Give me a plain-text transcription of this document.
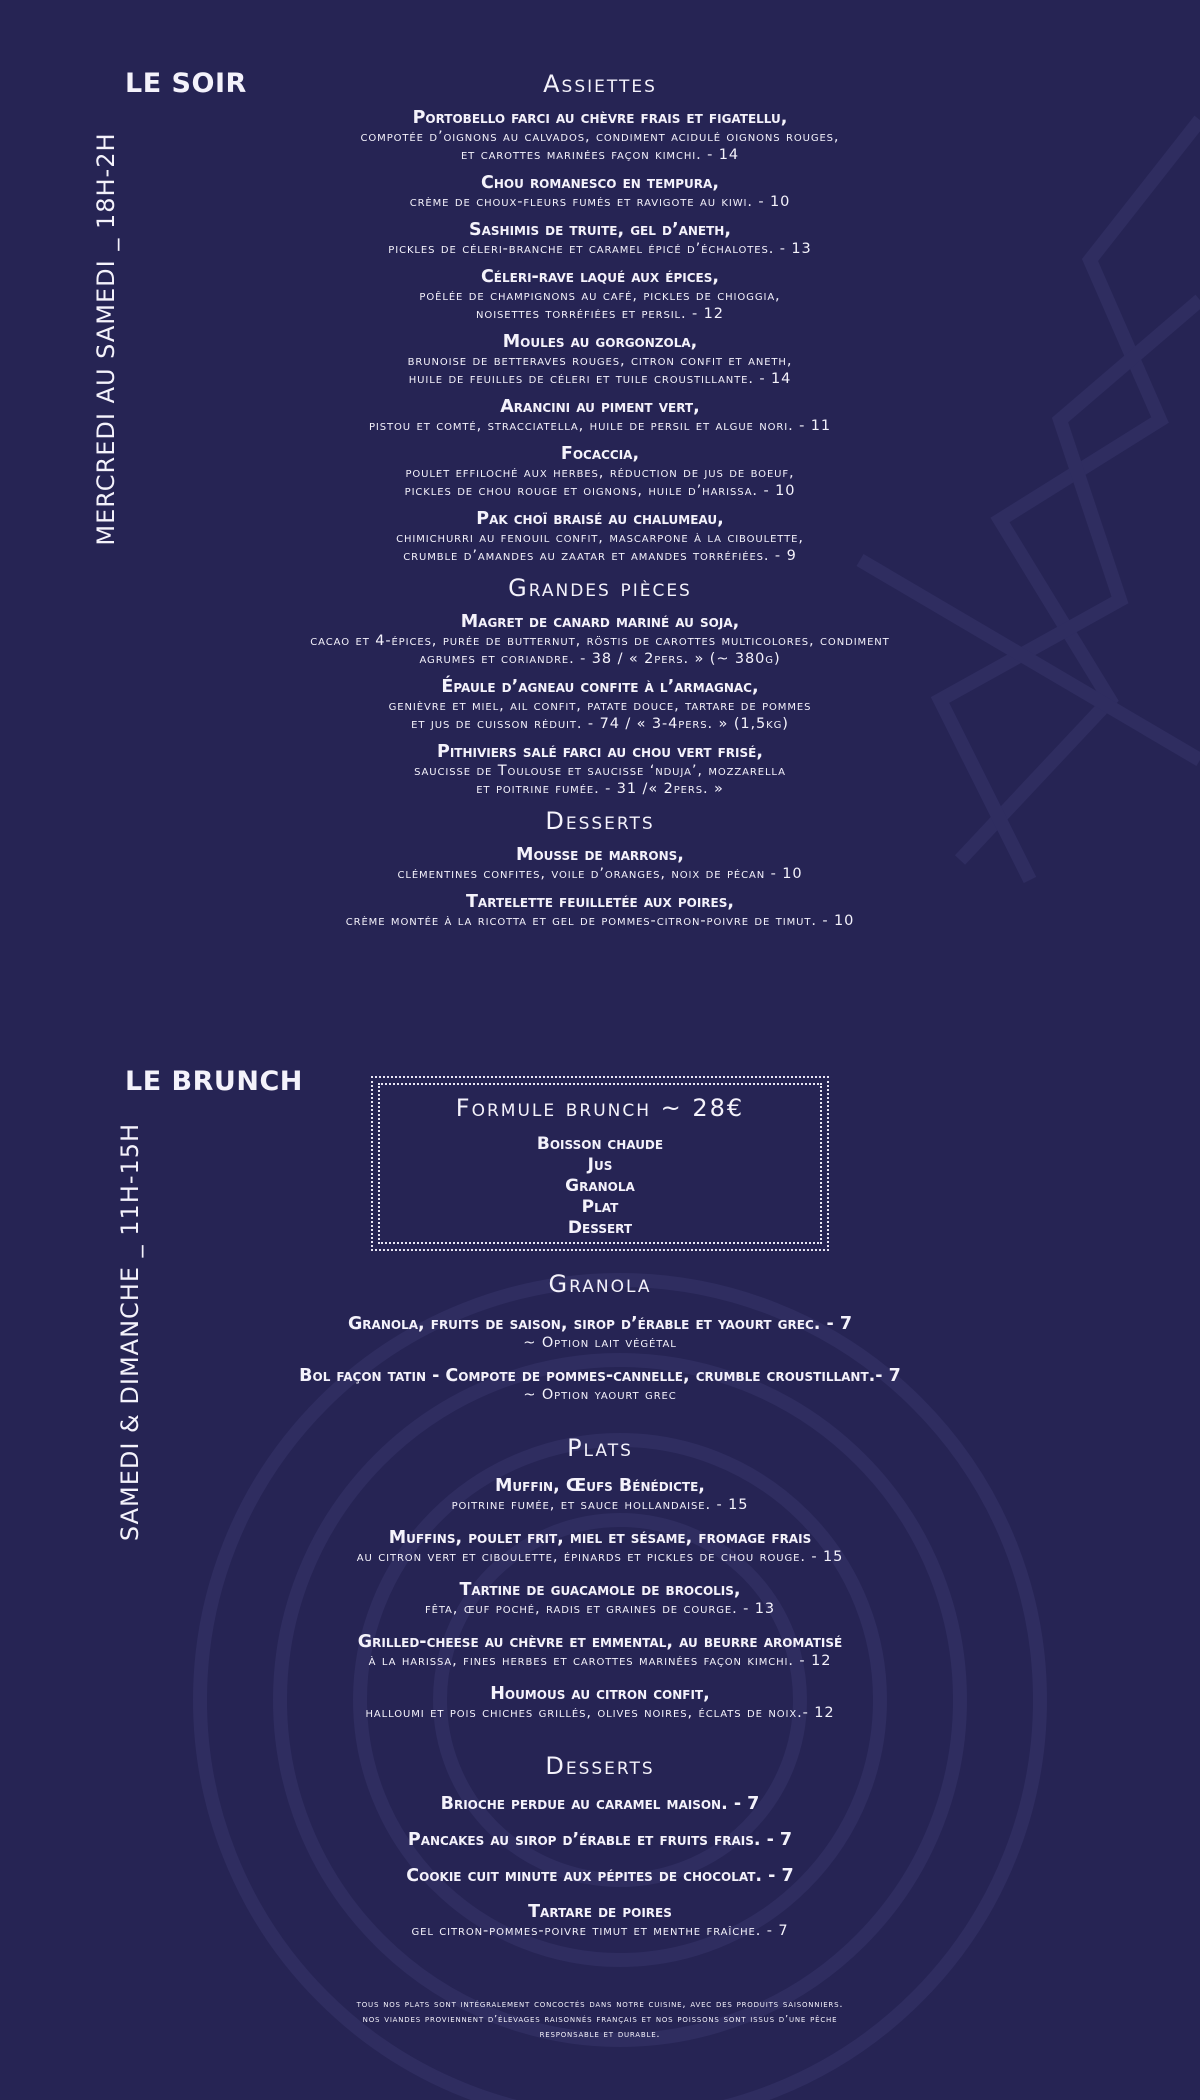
LE SOIR
MERCREDI AU SAMEDI _ 18H-2H
Assiettes
Portobello farci au chèvre frais et figatellu,
compotée d’oignons au calvados, condiment acidulé oignons rouges,
et carottes marinées façon kimchi. - 14
Chou romanesco en tempura,
crème de choux-fleurs fumés et ravigote au kiwi. - 10
Sashimis de truite, gel d’aneth,
pickles de céleri-branche et caramel épicé d’échalotes. - 13
Céleri-rave laqué aux épices,
poêlée de champignons au café, pickles de chioggia,
noisettes torréfiées et persil. - 12
Moules au gorgonzola,
brunoise de betteraves rouges, citron confit et aneth,
huile de feuilles de céleri et tuile croustillante. - 14
Arancini au piment vert,
pistou et comté, stracciatella, huile de persil et algue nori. - 11
Focaccia,
poulet effiloché aux herbes, réduction de jus de boeuf,
pickles de chou rouge et oignons, huile d’harissa. - 10
Pak choï braisé au chalumeau,
chimichurri au fenouil confit, mascarpone à la ciboulette,
crumble d’amandes au zaatar et amandes torréfiées. - 9
Grandes pièces
Magret de canard mariné au soja,
cacao et 4-épices, purée de butternut, röstis de carottes multicolores, condiment
agrumes et coriandre. - 38 / « 2pers. » (~ 380g)
Épaule d’agneau confite à l’armagnac,
genièvre et miel, ail confit, patate douce, tartare de pommes
et jus de cuisson réduit. - 74 / « 3-4pers. » (1,5kg)
Pithiviers salé farci au chou vert frisé,
saucisse de Toulouse et saucisse ‘nduja’, mozzarella
et poitrine fumée. - 31 /« 2pers. »
Desserts
Mousse de marrons,
clémentines confites, voile d’oranges, noix de pécan - 10
Tartelette feuilletée aux poires,
crème montée à la ricotta et gel de pommes-citron-poivre de timut. - 10
LE BRUNCH
SAMEDI & DIMANCHE _ 11H-15H
Formule brunch ~ 28€
Boisson chaude
Jus
Granola
Plat
Dessert
Granola
Granola, fruits de saison, sirop d’érable et yaourt grec. - 7
~ Option lait végétal
Bol façon tatin - Compote de pommes-cannelle, crumble croustillant.- 7
~ Option yaourt grec
Plats
Muffin, Œufs Bénédicte,
poitrine fumée, et sauce hollandaise. - 15
Muffins, poulet frit, miel et sésame, fromage frais
au citron vert et ciboulette, épinards et pickles de chou rouge. - 15
Tartine de guacamole de brocolis,
fêta, œuf poché, radis et graines de courge. - 13
Grilled-cheese au chèvre et emmental, au beurre aromatisé
à la harissa, fines herbes et carottes marinées façon kimchi. - 12
Houmous au citron confit,
halloumi et pois chiches grillés, olives noires, éclats de noix.- 12
Desserts
Brioche perdue au caramel maison. - 7
Pancakes au sirop d’érable et fruits frais. - 7
Cookie cuit minute aux pépites de chocolat. - 7
Tartare de poires
gel citron-pommes-poivre timut et menthe fraîche. - 7
tous nos plats sont intégralement concoctés dans notre cuisine, avec des produits saisonniers.
nos viandes proviennent d’élevages raisonnés français et nos poissons sont issus d’une pêche
responsable et durable.
